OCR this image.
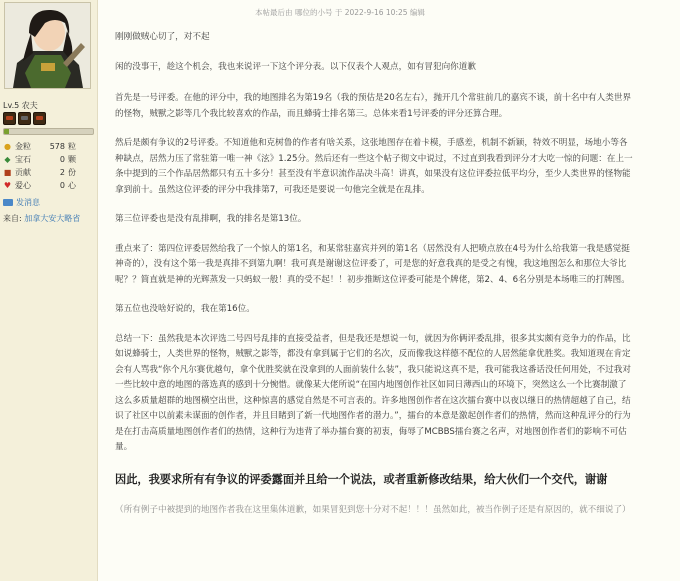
Lv.5 农夫
● 金粒	578 粒
◆ 宝石	0 颗
■ 贡献	2 份
♥ 爱心	0 心
发消息
来自: 加拿大安大略省
本帖最后由 哪位的小号 于 2022-9-16 10:25 编辑

刚刚做贼心切了，对不起

闲的没事干，趁这个机会，我也来说评一下这个评分表。以下仅表个人观点，如有冒犯向你道歉

首先是一号评委。在他的评分中，我的地图排名为第19名（我的预估是20名左右），抛开几个常驻前几的嘉宾不谈，前十名中有人类世界的怪物，贼獸之影等几个我比较喜欢的作品，而且蜂骑士排名第三。总体来看1号评委的评分还算合理。

然后是颇有争议的2号评委。不知道他和克树鲁的作者有啥关系，这张地图存在着卡模，手感差，机制不新颖，特效不明显，场地小等各种缺点，居然力压了常驻第一唯一神《泫》1.25分。然后还有一些这个帖子彻文中说过，不过直到我看到评分才大吃一惊的问题：在上一条中提到的三个作品居然都只有五十多分！甚至没有半意识流作品决斗高！讲真，如果没有这位评委拉低平均分，至少人类世界的怪物能拿到前十。虽然这位评委的评分中我排第7，可我还是要说一句他完全就是在乱排。

第三位评委也是没有乱排啊，我的排名是第13位。

重点来了：第四位评委居然给我了一个惊人的第1名，和某常驻嘉宾并列的第1名（居然没有人把喷点放在4号为什么给我第一我是感觉挺神奇的），没有这个第一我是真排不到第九啊！我可真是谢谢这位评委了，可是您的好意我真的是受之有愧，我这地图怎么和那位大爷比呢？？简直就是神的光辉蒸发一只蚂蚁一般！真的受不起！！初步推断这位评委可能是个牌佬，第2、4、6名分别是本场唯三的打牌图。

第五位也没啥好说的，我在第16位。

总结一下：虽然我是本次评选二号四号乱排的直接受益者，但是我还是想说一句，就因为你俩评委乱排，很多其实颇有竞争力的作品，比如说蜂骑士，人类世界的怪物，贼獸之影等，都没有拿到属于它们的名次，反而像我这样德不配位的人居然能拿优胜奖。我知道现在肯定会有人骂我“你个凡尔赛优越句，拿个优胜奖就在没拿到的人面前装什么装”，我只能说这真不是，我可能我这番话没任何用处，不过我对一些比较中意的地图的落选真的感到十分惋惜。就像某大佬所说“在国内地图创作社区如同日薄西山的环境下，突然这么一个比赛制激了这么多质量超群的地图横空出世，这种惊喜的感觉自然是不可言表的。许多地图创作者在这次擂台赛中以夜以继日的热情超越了自己，结识了社区中以前素未谋面的创作者，并且目睹到了新一代地图作者的潜力。”，擂台的本意是激起创作者们的热情，然而这种乱评分的行为是在打击高质量地图创作者们的热情，这种行为违背了举办擂台赛的初衷，侮辱了MCBBS擂台赛之名声，对地图创作者们的影响不可估量。

因此，我要求所有有争议的评委露面并且给一个说法，或者重新修改结果，给大伙们一个交代，谢谢

（所有例子中被提到的地图作者我在这里集体道歉，如果冒犯到您十分对不起！！！虽然如此，被当作例子还是有原因的，就不细说了）
